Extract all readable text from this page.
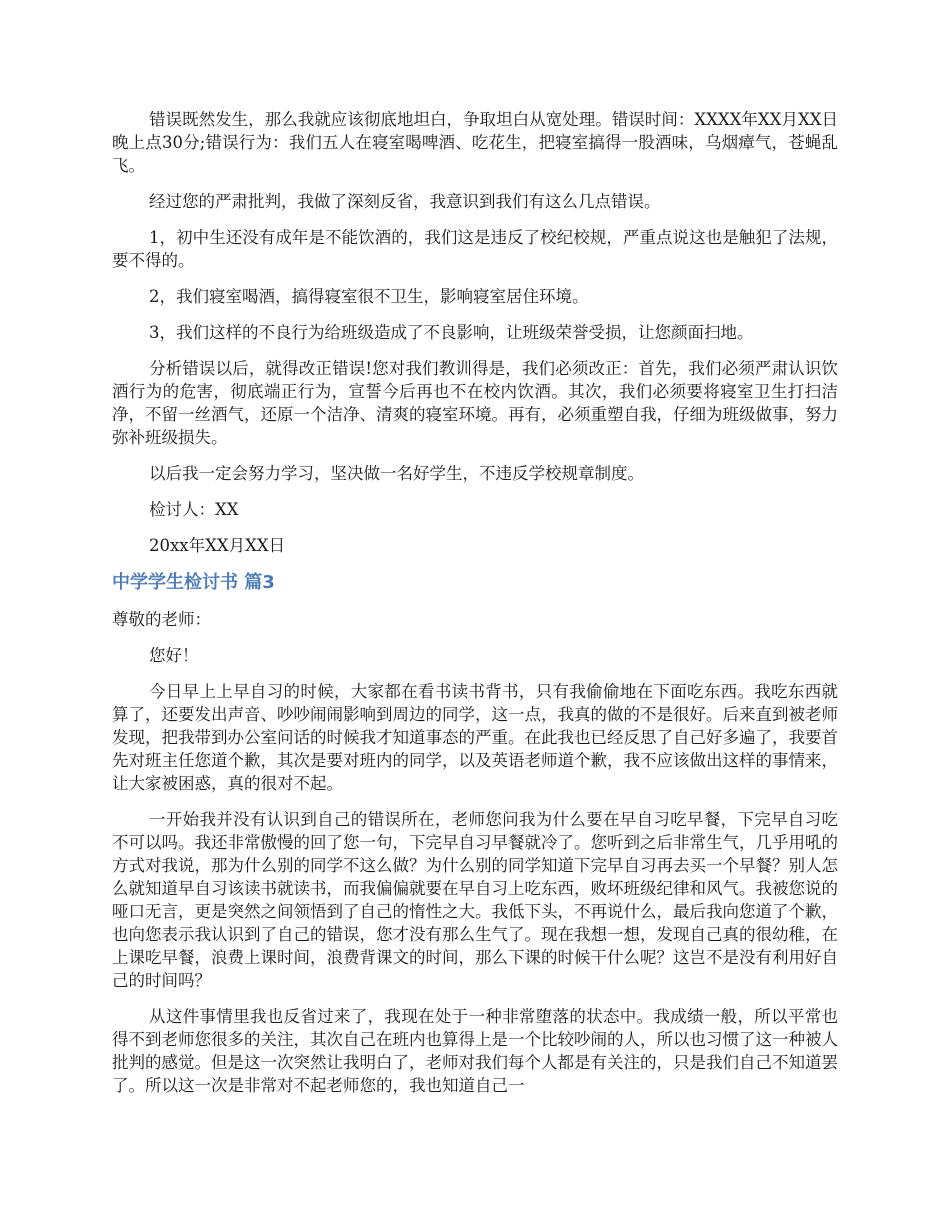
错误既然发生，那么我就应该彻底地坦白，争取坦白从宽处理。错误时间：XXXX年XX月XX日晚上点30分;错误行为：我们五人在寝室喝啤酒、吃花生，把寝室搞得一股酒味，乌烟瘴气，苍蝇乱飞。

经过您的严肃批判，我做了深刻反省，我意识到我们有这么几点错误。

1，初中生还没有成年是不能饮酒的，我们这是违反了校纪校规，严重点说这也是触犯了法规，要不得的。

2，我们寝室喝酒，搞得寝室很不卫生，影响寝室居住环境。

3，我们这样的不良行为给班级造成了不良影响，让班级荣誉受损，让您颜面扫地。

分析错误以后，就得改正错误!您对我们教训得是，我们必须改正：首先，我们必须严肃认识饮酒行为的危害，彻底端正行为，宣誓今后再也不在校内饮酒。其次，我们必须要将寝室卫生打扫洁净，不留一丝酒气，还原一个洁净、清爽的寝室环境。再有，必须重塑自我，仔细为班级做事，努力弥补班级损失。

以后我一定会努力学习，坚决做一名好学生，不违反学校规章制度。

检讨人：XX

20xx年XX月XX日

中学学生检讨书 篇3

尊敬的老师：

您好！

今日早上上早自习的时候，大家都在看书读书背书，只有我偷偷地在下面吃东西。我吃东西就算了，还要发出声音、吵吵闹闹影响到周边的同学，这一点，我真的做的不是很好。后来直到被老师发现，把我带到办公室问话的时候我才知道事态的严重。在此我也已经反思了自己好多遍了，我要首先对班主任您道个歉，其次是要对班内的同学，以及英语老师道个歉，我不应该做出这样的事情来，让大家被困惑，真的很对不起。

一开始我并没有认识到自己的错误所在，老师您问我为什么要在早自习吃早餐，下完早自习吃不可以吗。我还非常傲慢的回了您一句，下完早自习早餐就冷了。您听到之后非常生气，几乎用吼的方式对我说，那为什么别的同学不这么做？为什么别的同学知道下完早自习再去买一个早餐？别人怎么就知道早自习该读书就读书，而我偏偏就要在早自习上吃东西，败坏班级纪律和风气。我被您说的哑口无言，更是突然之间领悟到了自己的惰性之大。我低下头，不再说什么，最后我向您道了个歉，也向您表示我认识到了自己的错误，您才没有那么生气了。现在我想一想，发现自己真的很幼稚，在上课吃早餐，浪费上课时间，浪费背课文的时间，那么下课的时候干什么呢？这岂不是没有利用好自己的时间吗？

从这件事情里我也反省过来了，我现在处于一种非常堕落的状态中。我成绩一般，所以平常也得不到老师您很多的关注，其次自己在班内也算得上是一个比较吵闹的人，所以也习惯了这一种被人批判的感觉。但是这一次突然让我明白了，老师对我们每个人都是有关注的，只是我们自己不知道罢了。所以这一次是非常对不起老师您的，我也知道自己一
